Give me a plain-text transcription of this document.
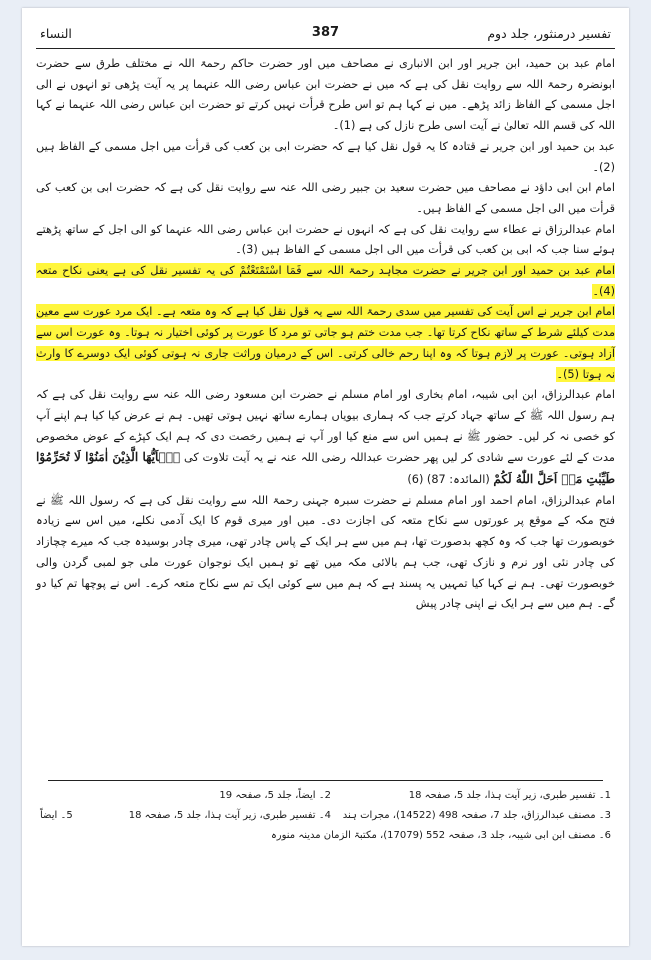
تفسیر درمنثور، جلد دوم
387
النساء

امام عبد بن حمید، ابن جریر اور ابن الانباری نے مصاحف میں اور حضرت حاکم رحمۃ اللہ نے مختلف طرق سے حضرت ابونضرہ رحمۃ اللہ سے روایت نقل کی ہے کہ میں نے حضرت ابن عباس رضی اللہ عنہما پر یہ آیت پڑھی تو انہوں نے الی اجل مسمی کے الفاظ زائد پڑھے۔ میں نے کہا ہم تو اس طرح قرأت نہیں کرتے تو حضرت ابن عباس رضی اللہ عنہما نے کہا اللہ کی قسم اللہ تعالیٰ نے آیت اسی طرح نازل کی ہے (1)۔

عبد بن حمید اور ابن جریر نے قتادہ کا یہ قول نقل کیا ہے کہ حضرت ابی بن کعب کی قرأت میں اجل مسمی کے الفاظ ہیں (2)۔

امام ابن ابی داؤد نے مصاحف میں حضرت سعید بن جبیر رضی اللہ عنہ سے روایت نقل کی ہے کہ حضرت ابی بن کعب کی قرأت میں الی اجل مسمی کے الفاظ ہیں۔

امام عبدالرزاق نے عطاء سے روایت نقل کی ہے کہ انہوں نے حضرت ابن عباس رضی اللہ عنہما کو الی اجل کے ساتھ پڑھتے ہوئے سنا جب کہ ابی بن کعب کی قرأت میں الی اجل مسمی کے الفاظ ہیں (3)۔

امام عبد بن حمید اور ابن جریر نے حضرت مجاہد رحمۃ اللہ سے فَمَا اسْتَمْتَعْتُمْ کی یہ تفسیر نقل کی ہے یعنی نکاح متعہ (4)۔

امام ابن جریر نے اس آیت کی تفسیر میں سدی رحمۃ اللہ سے یہ قول نقل کیا ہے کہ وہ متعہ ہے۔ ایک مرد عورت سے معین مدت کیلئے شرط کے ساتھ نکاح کرتا تھا۔ جب مدت ختم ہو جاتی تو مرد کا عورت پر کوئی اختیار نہ ہوتا۔ وہ عورت اس سے آزاد ہوتی۔ عورت پر لازم ہوتا کہ وہ اپنا رحم خالی کرتی۔ اس کے درمیان وراثت جاری نہ ہوتی کوئی ایک دوسرے کا وارث نہ ہوتا (5)۔

امام عبدالرزاق، ابن ابی شیبہ، امام بخاری اور امام مسلم نے حضرت ابن مسعود رضی اللہ عنہ سے روایت نقل کی ہے کہ ہم رسول اللہ ﷺ کے ساتھ جہاد کرتے جب کہ ہماری بیویاں ہمارے ساتھ نہیں ہوتی تھیں۔ ہم نے عرض کیا کیا ہم اپنے آپ کو خصی نہ کر لیں۔ حضور ﷺ نے ہمیں اس سے منع کیا اور آپ نے ہمیں رخصت دی کہ ہم ایک کپڑے کے عوض مخصوص مدت کے لئے عورت سے شادی کر لیں پھر حضرت عبداللہ رضی اللہ عنہ نے یہ آیت تلاوت کی يٰۤاَيُّهَا الَّذِيْنَ اٰمَنُوْا لَا تُحَرِّمُوْا طَيِّبٰتِ مَاۤ اَحَلَّ اللّٰهُ لَكُمْ (المائدہ: 87) (6)

امام عبدالرزاق، امام احمد اور امام مسلم نے حضرت سبرہ جہنی رحمۃ اللہ سے روایت نقل کی ہے کہ رسول اللہ ﷺ نے فتح مکہ کے موقع پر عورتوں سے نکاح متعہ کی اجازت دی۔ میں اور میری قوم کا ایک آدمی نکلے، میں اس سے زیادہ خوبصورت تھا جب کہ وہ کچھ بدصورت تھا، ہم میں سے ہر ایک کے پاس چادر تھی، میری چادر بوسیدہ جب کہ میرے چچازاد کی چادر نئی اور نرم و نازک تھی، جب ہم بالائی مکہ میں تھے تو ہمیں ایک نوجوان عورت ملی جو لمبی گردن والی خوبصورت تھی۔ ہم نے کہا کیا تمہیں یہ پسند ہے کہ ہم میں سے کوئی ایک تم سے نکاح متعہ کرے۔ اس نے پوچھا تم کیا دو گے۔ ہم میں سے ہر ایک نے اپنی چادر پیش

1۔ تفسیر طبری، زیر آیت ہذا، جلد 5، صفحہ 18
2۔ ایضاً، جلد 5، صفحہ 19
3۔ مصنف عبدالرزاق، جلد 7، صفحہ 498 (14522)، مجرات ہند
4۔ تفسیر طبری، زیر آیت ہذا، جلد 5، صفحہ 18
5۔ ایضاً
6۔ مصنف ابن ابی شیبہ، جلد 3، صفحہ 552 (17079)، مکتبۃ الزمان مدینہ منورہ
